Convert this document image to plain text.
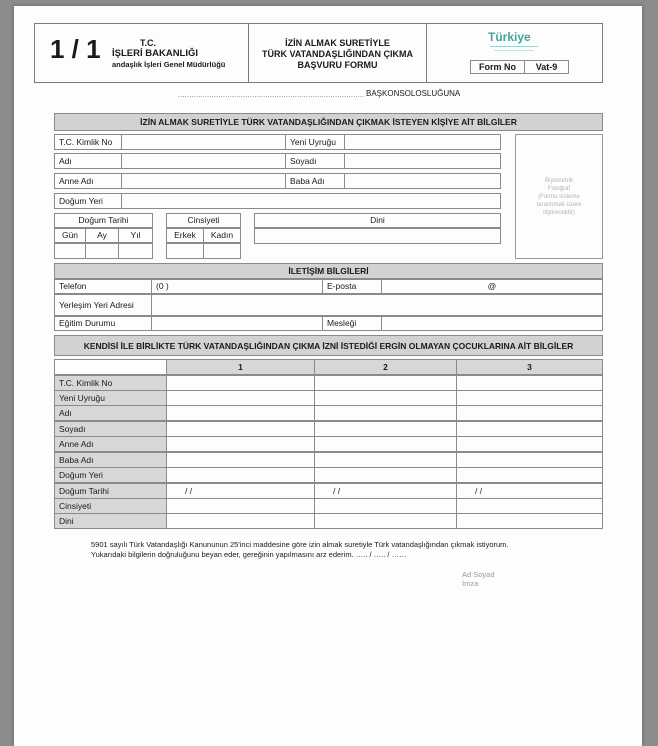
1 / 1	T.C.
İŞLERİ BAKANLIĞI
andaşlık İşleri Genel Müdürlüğü
İZİN ALMAK SURETİYLE
TÜRK VATANDAŞLIĞINDAN ÇIKMA
BAŞVURU FORMU
Türkiye
Form No	Vat-9
................................................................................... BAŞKONSOLOSLUĞUNA
İZİN ALMAK SURETİYLE TÜRK VATANDAŞLIĞINDAN ÇIKMAK İSTEYEN KİŞİYE AİT BİLGİLER
T.C. Kimlik No	Yeni Uyruğu
Adı	Soyadı
Anne Adı	Baba Adı
Doğum Yeri
Doğum Tarihi
Gün	Ay	Yıl
Cinsiyeti
Erkek	Kadın
Dini
Biyometrik
Fotoğraf
(Formu sisteme
tarannmak üzere
iliştirecektir)
İLETİŞİM BİLGİLERİ
Telefon	(0 )	E-posta	@
Yerleşim Yeri Adresi
Eğitim Durumu	Mesleği
KENDİSİ İLE BİRLİKTE TÜRK VATANDAŞLIĞINDAN ÇIKMA İZNİ İSTEDİĞİ ERGİN OLMAYAN ÇOCUKLARINA AİT BİLGİLER
1	2	3
T.C. Kimlik No
Yeni Uyruğu
Adı
Soyadı
Anne Adı
Baba Adı
Doğum Yeri
Doğum Tarihi	/ /	/ /	/ /
Cinsiyeti
Dini
5901 sayılı Türk Vatandaşlığı Kanununun 25'inci maddesine göre izin almak suretiyle Türk vatandaşlığından çıkmak istiyorum.
Yukarıdaki bilgilerin doğruluğunu beyan eder, gereğinin yapılmasını arz ederim. ….. / ….. / ……
Ad Soyad
İmza
